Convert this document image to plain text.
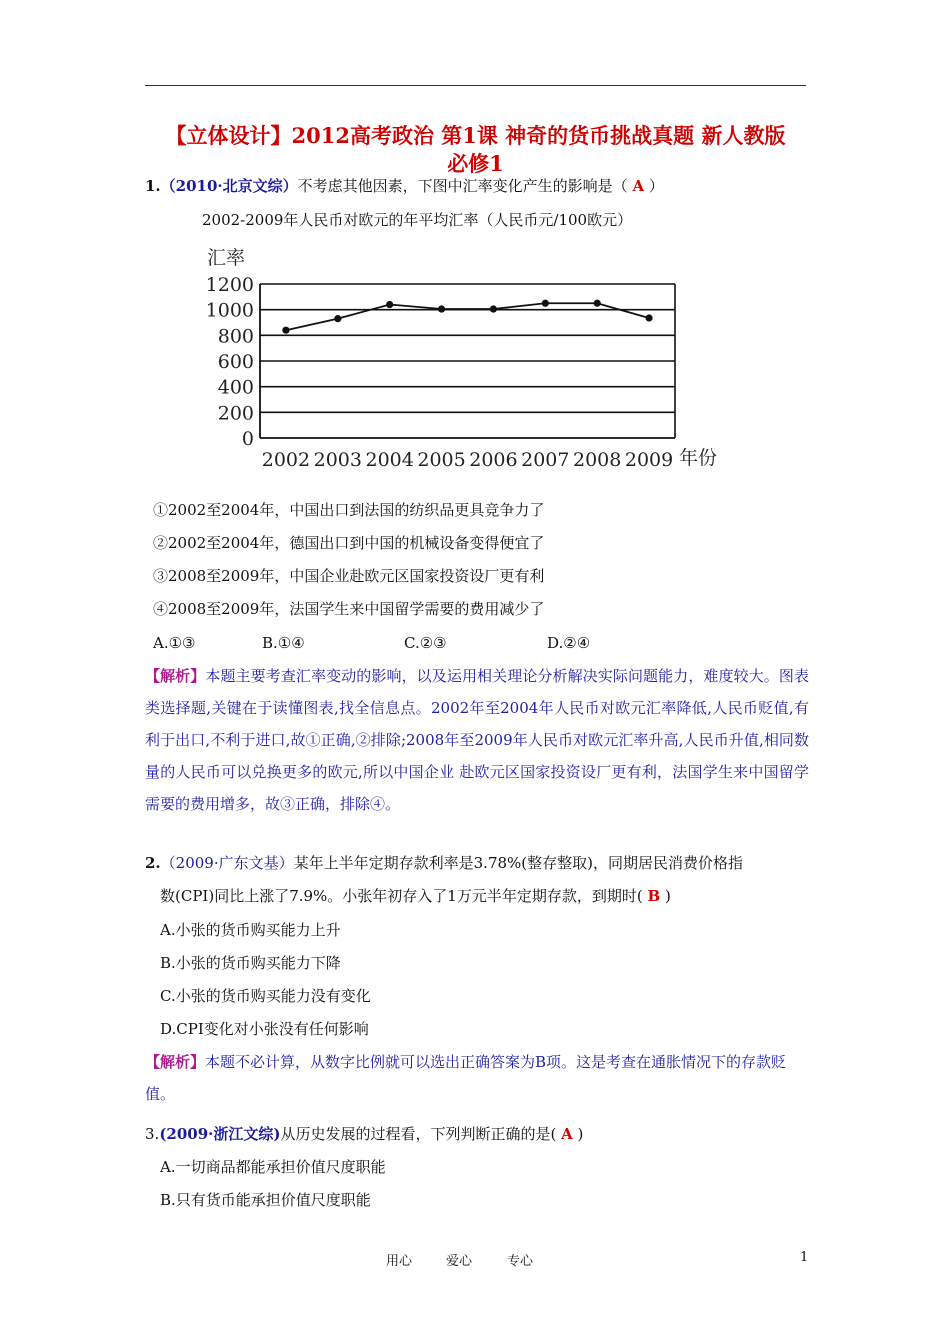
【立体设计】2012高考政治 第1课 神奇的货币挑战真题 新人教版
必修1
1.（2010·北京文综）不考虑其他因素，下图中汇率变化产生的影响是（ A ）
2002-2009年人民币对欧元的年平均汇率（人民币元/100欧元）
汇率
0
200
400
600
800
1000
1200
2002 2003 2004 2005 2006 2007 2008 2009 年份
①2002至2004年，中国出口到法国的纺织品更具竞争力了
②2002至2004年，德国出口到中国的机械设备变得便宜了
③2008至2009年，中国企业赴欧元区国家投资设厂更有利
④2008至2009年，法国学生来中国留学需要的费用减少了
A.①③	B.①④	C.②③	D.②④
【解析】本题主要考查汇率变动的影响，以及运用相关理论分析解决实际问题能力，难度较大。图表类选择题,关键在于读懂图表,找全信息点。2002年至2004年人民币对欧元汇率降低,人民币贬值,有利于出口,不利于进口,故①正确,②排除;2008年至2009年人民币对欧元汇率升高,人民币升值,相同数量的人民币可以兑换更多的欧元,所以中国企业 赴欧元区国家投资设厂更有利，法国学生来中国留学需要的费用增多，故③正确，排除④。
2.（2009·广东文基）某年上半年定期存款利率是3.78%(整存整取)，同期居民消费价格指
数(CPI)同比上涨了7.9%。小张年初存入了1万元半年定期存款，到期时( B )
A.小张的货币购买能力上升
B.小张的货币购买能力下降
C.小张的货币购买能力没有变化
D.CPI变化对小张没有任何影响
【解析】本题不必计算，从数字比例就可以选出正确答案为B项。这是考查在通胀情况下的存款贬值。
3.(2009·浙江文综)从历史发展的过程看，下列判断正确的是( A )
A.一切商品都能承担价值尺度职能
B.只有货币能承担价值尺度职能
用心	爱心	专心	1
